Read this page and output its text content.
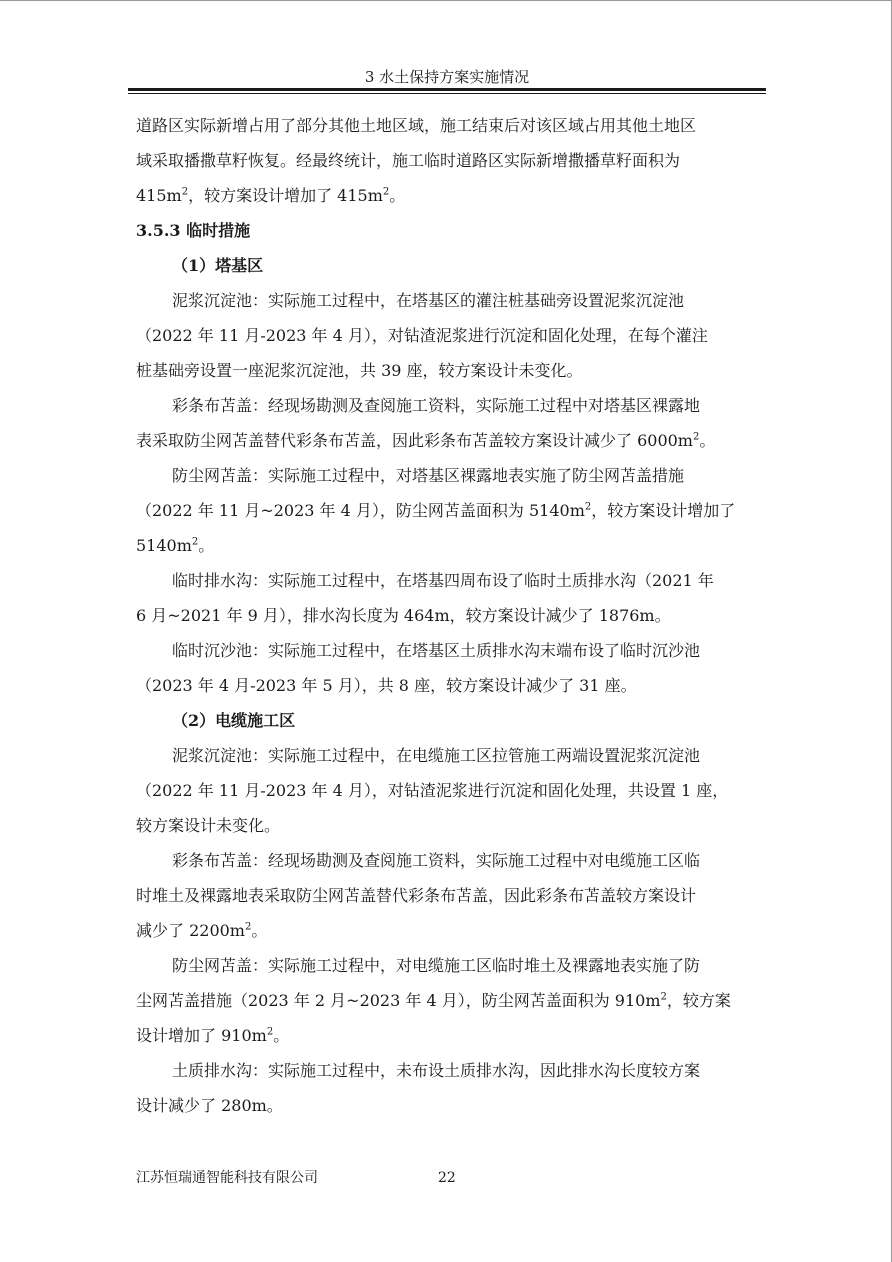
3 水土保持方案实施情况
道路区实际新增占用了部分其他土地区域，施工结束后对该区域占用其他土地区
域采取播撒草籽恢复。经最终统计，施工临时道路区实际新增撒播草籽面积为
$415m^2$，较方案设计增加了 $415m^2$。
3.5.3 临时措施
（1）塔基区
泥浆沉淀池：实际施工过程中，在塔基区的灌注桩基础旁设置泥浆沉淀池
（2022 年 11 月-2023 年 4 月），对钻渣泥浆进行沉淀和固化处理，在每个灌注
桩基础旁设置一座泥浆沉淀池，共 39 座，较方案设计未变化。
彩条布苫盖：经现场勘测及查阅施工资料，实际施工过程中对塔基区裸露地
表采取防尘网苫盖替代彩条布苫盖，因此彩条布苫盖较方案设计减少了 $6000m^2$。
防尘网苫盖：实际施工过程中，对塔基区裸露地表实施了防尘网苫盖措施
（2022 年 11 月~2023 年 4 月），防尘网苫盖面积为 $5140m^2$，较方案设计增加了
$5140m^2$。
临时排水沟：实际施工过程中，在塔基四周布设了临时土质排水沟（2021 年
6 月~2021 年 9 月），排水沟长度为 464m，较方案设计减少了 1876m。
临时沉沙池：实际施工过程中，在塔基区土质排水沟末端布设了临时沉沙池
（2023 年 4 月-2023 年 5 月），共 8 座，较方案设计减少了 31 座。
（2）电缆施工区
泥浆沉淀池：实际施工过程中，在电缆施工区拉管施工两端设置泥浆沉淀池
（2022 年 11 月-2023 年 4 月），对钻渣泥浆进行沉淀和固化处理，共设置 1 座，
较方案设计未变化。
彩条布苫盖：经现场勘测及查阅施工资料，实际施工过程中对电缆施工区临
时堆土及裸露地表采取防尘网苫盖替代彩条布苫盖，因此彩条布苫盖较方案设计
减少了 $2200m^2$。
防尘网苫盖：实际施工过程中，对电缆施工区临时堆土及裸露地表实施了防
尘网苫盖措施（2023 年 2 月~2023 年 4 月），防尘网苫盖面积为 $910m^2$，较方案
设计增加了 $910m^2$。
土质排水沟：实际施工过程中，未布设土质排水沟，因此排水沟长度较方案
设计减少了 280m。
江苏恒瑞通智能科技有限公司	22
